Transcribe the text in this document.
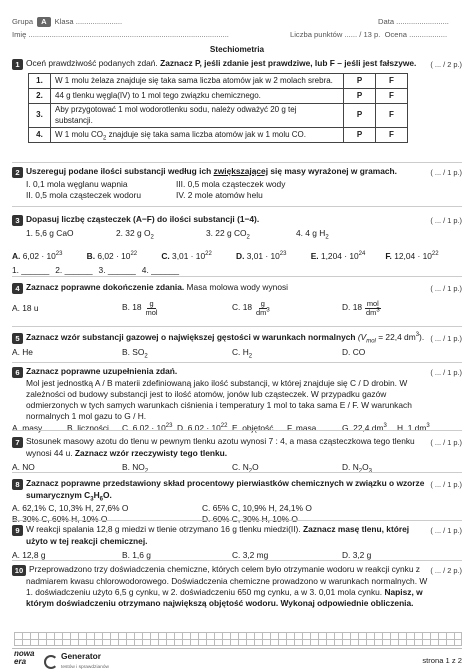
Grupa	A	Klasa
......................	Data
.........................
Imię
...............................................................................................	Liczba punktów ...... / 13 p.
Ocena
..................
Stechiometria
1 Oceń prawdziwość podanych zdań. Zaznacz P, jeśli zdanie jest prawdziwe, lub F – jeśli jest fałszywe.
1.	W 1 molu żelaza znajduje się taka sama liczba atomów jak w 2 molach srebra.	P	F
2.	44 g tlenku węgla(IV) to 1 mol tego związku chemicznego.	P	F
3.	Aby przygotować 1 mol wodorotlenku sodu, należy odważyć 20 g tej
substancji.	P	F
4.	W 1 molu $CO_2$ znajduje się taka sama liczba atomów jak w 1 molu CO.	P	F
( ... / 2 p.)
2 Uszereguj podane ilości substancji według ich zwiększającej się masy wyrażonej w gramach.
I. 0,1 mola węglanu wapnia	III. 0,5 mola cząsteczek wody
II. 0,5 mola cząsteczek wodoru	IV. 2 mole atomów helu
( ... / 1 p.)
3 Dopasuj liczbę cząsteczek (A−F) do ilości substancji (1−4).
1. 5,6 g CaO	2. 32 g $O_2$	3. 22 g $CO_2$	4. 4 g $H_2$
A. $6,02 \cdot 10^{23}$	B. $6,02 \cdot 10^{22}$	C. $3,01 \cdot 10^{22}$	D. $3,01 \cdot 10^{23}$	E. $1,204 \cdot 10^{24}$	F. $12,04 \cdot 10^{22}$
1. ______ 2. ______ 3. ______ 4. ______
( ... / 1 p.)
4 Zaznacz poprawne dokończenie zdania. Masa molowa wody wynosi
A. 18 u	B. $18 \frac{g}{\text{mol}}$	C. $18 \frac{g}{dm^3}$	D. $18 \frac{\text{mol}}{dm^3}$
( ... / 1 p.)
5 Zaznacz wzór substancji gazowej o największej gęstości w warunkach normalnych ($V_{mol} = 22,4$ $dm^3$).
A. He	B. $SO_2$	C. $H_2$	D. CO
( ... / 1 p.)
6 Zaznacz poprawne uzupełnienia zdań.
Mol jest jednostką A / B materii zdefiniowaną jako ilość substancji, w której znajduje się C / D drobin. W
zależności od budowy substancji jest to ilość atomów, jonów lub cząsteczek. W przypadku gazów
odmierzonych w tych samych warunkach ciśnienia i temperatury 1 mol to taka sama E / F. W warunkach
normalnych 1 mol gazu to G / H.
A. masy	B. liczności	C. $6.02 \cdot 10^{23}$ D. $6.02 \cdot 10^{22}$ E. objętość	F. masa	G. 22,4 $dm^3$	H. 1 $dm^3$
( ... / 1 p.)
7 Stosunek masowy azotu do tlenu w pewnym tlenku azotu wynosi 7 : 4, a masa cząsteczkowa tego tlenku
wynosi 44 u. Zaznacz wzór rzeczywisty tego tlenku.
A. NO	B. $NO_2$	C. $N_2O$	D. $N_2O_3$
( ... / 1 p.)
8 Zaznacz poprawne przedstawiony skład procentowy pierwiastków chemicznych w związku o wzorze
sumarycznym $C_3H_6O$.
A. 62,1% C, 10,3% H, 27,6% O	C. 65% C, 10,9% H, 24,1% O
B. 30% C, 60% H, 10% O	D. 60% C, 30% H, 10% O
( ... / 1 p.)
9 W reakcji spalania 12,8 g miedzi w tlenie otrzymano 16 g tlenku miedzi(II). Zaznacz masę tlenu, której
użyto w tej reakcji chemicznej.
A. 12,8 g	B. 1,6 g	C. 3,2 mg	D. 3,2 g
( ... / 1 p.)
10 Przeprowadzono trzy doświadczenia chemiczne, których celem było otrzymanie wodoru w reakcji cynku z
nadmiarem kwasu chlorowodorowego. Doświadczenia chemiczne prowadzono w warunkach normalnych. W
1. doświadczeniu użyto 6,5 g cynku, w 2. doświadczeniu 650 mg cynku, a w 3. 0,01 mola cynku. Napisz, w
którym doświadczeniu otrzymano największą objętość wodoru. Wykonaj odpowiednie obliczenia.
( ... / 2 p.)
nowa
era
Generator
testów i sprawdzianów
strona 1 z 2
